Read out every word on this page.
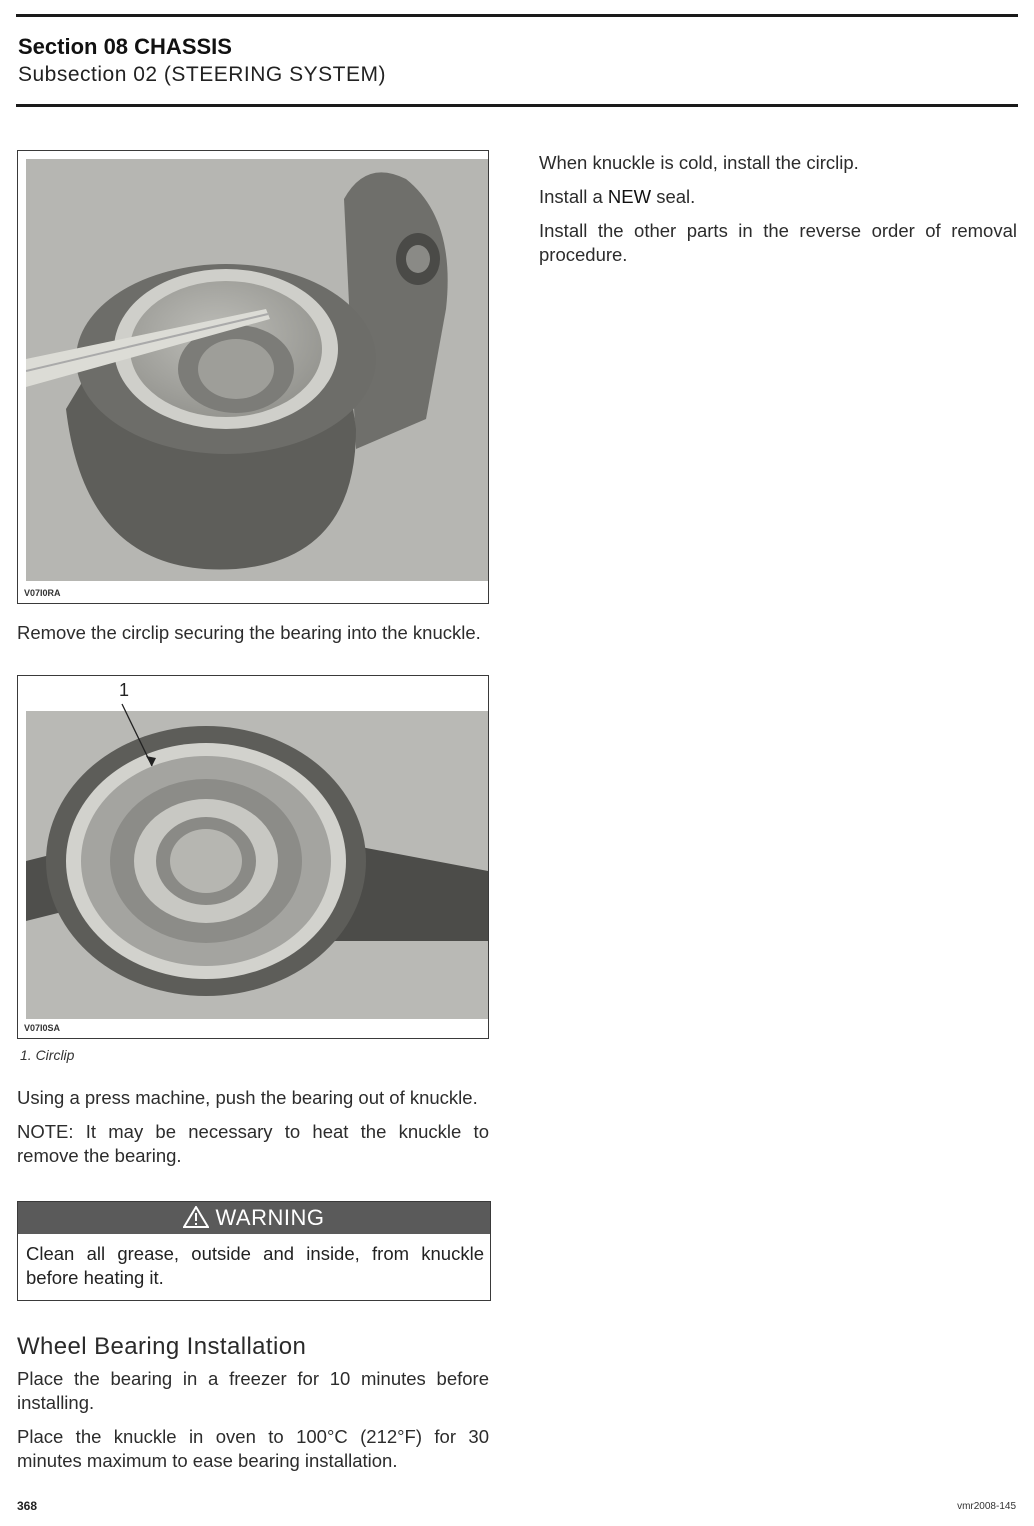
Section 08 CHASSIS
Subsection 02 (STEERING SYSTEM)
V07I0RA

Remove the circlip securing the bearing into the knuckle.

1
V07I0SA
1. Circlip

Using a press machine, push the bearing out of knuckle.

NOTE: It may be necessary to heat the knuckle to remove the bearing.

WARNING
Clean all grease, outside and inside, from knuckle before heating it.
Wheel Bearing Installation

Place the bearing in a freezer for 10 minutes before installing.

Place the knuckle in oven to 100°C (212°F) for 30 minutes maximum to ease bearing installation.

When knuckle is cold, install the circlip.

Install a NEW seal.

Install the other parts in the reverse order of removal procedure.

368	vmr2008-145
